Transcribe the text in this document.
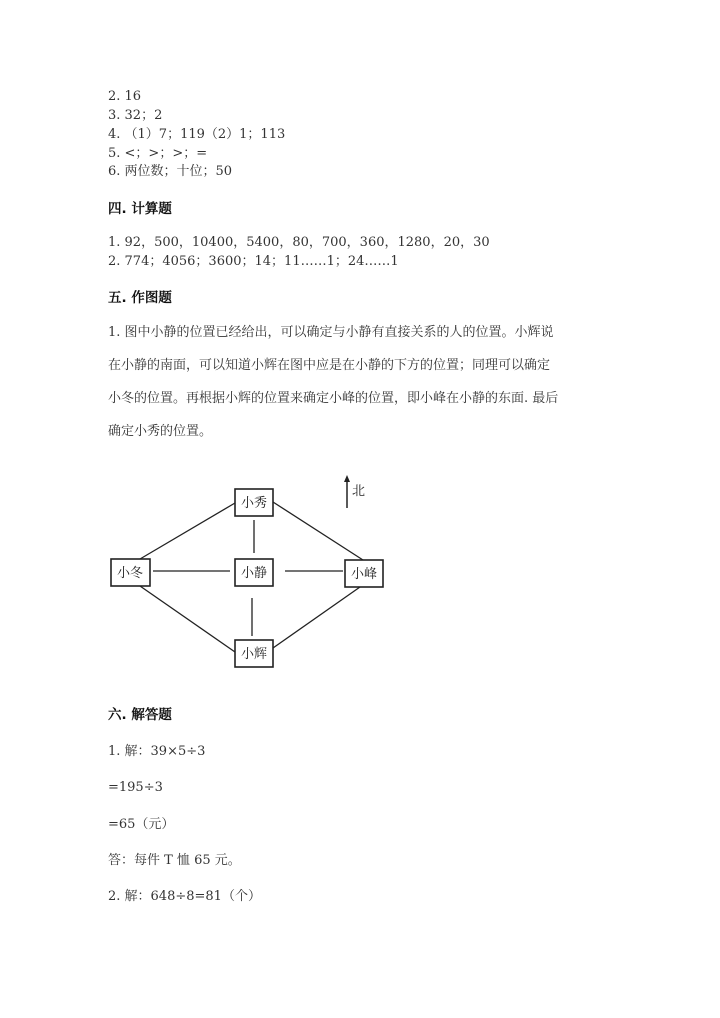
2. 16
3. 32；2
4. （1）7；119（2）1；113
5. <；>；>；=
6. 两位数；十位；50
四. 计算题
1. 92，500，10400，5400，80，700，360，1280，20，30
2. 774；4056；3600；14；11……1；24……1
五. 作图题
1. 图中小静的位置已经给出，可以确定与小静有直接关系的人的位置。小辉说
在小静的南面，可以知道小辉在图中应是在小静的下方的位置；同理可以确定
小冬的位置。再根据小辉的位置来确定小峰的位置，即小峰在小静的东面. 最后
确定小秀的位置。
北
小秀
小冬	小静	小峰
小辉
六. 解答题
1. 解：39×5÷3
=195÷3
=65（元）
答：每件 T 恤 65 元。
2. 解：648÷8=81（个）
